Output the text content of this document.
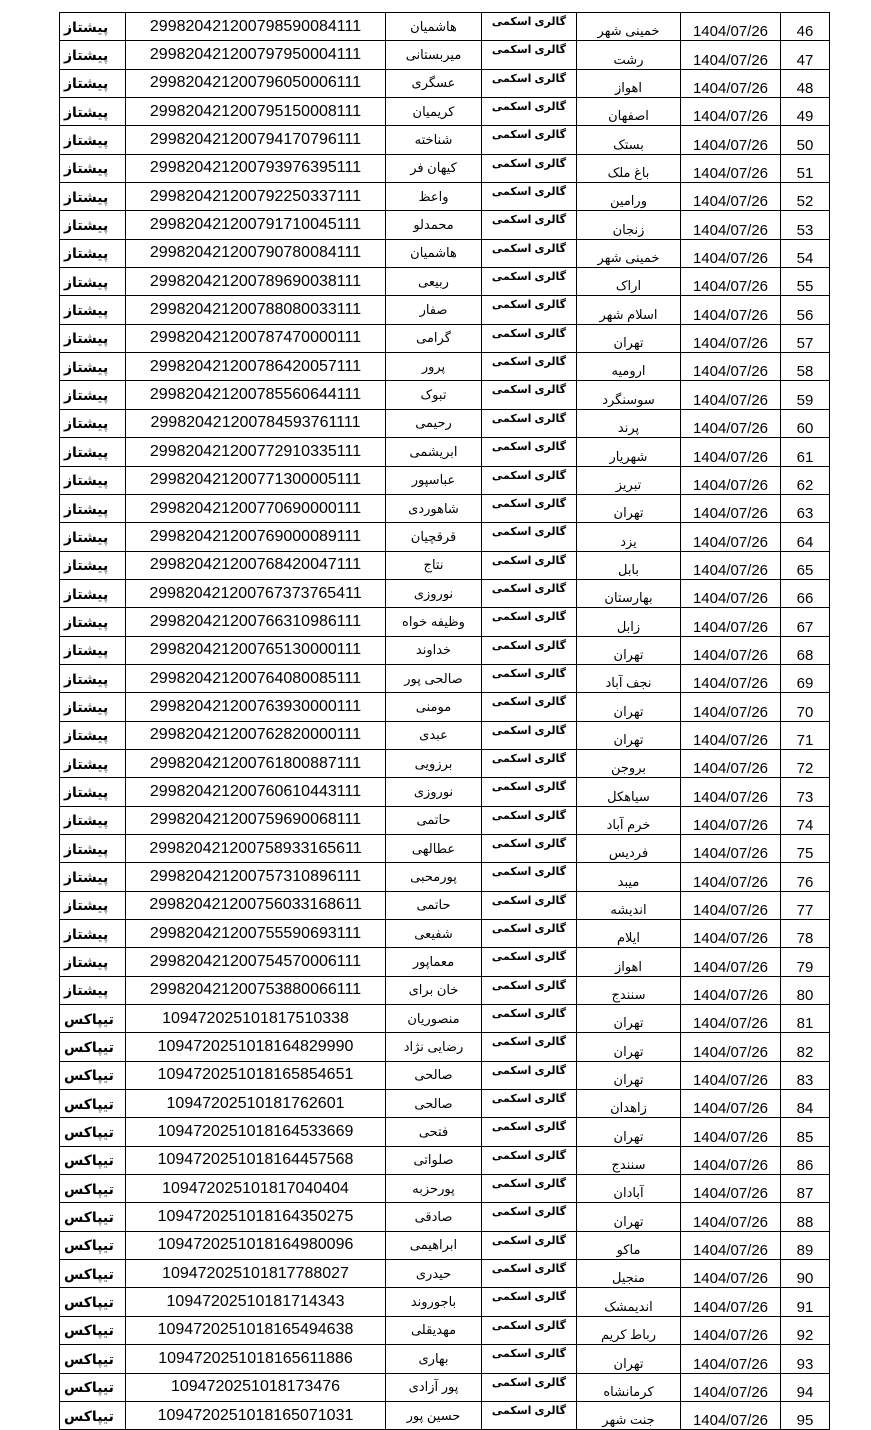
پیشتاز	299820421200798590084111	هاشمیان	گالری اسکمی	خمینی شهر	1404/07/26	46
پیشتاز	299820421200797950004111	میربستانی	گالری اسکمی	رشت	1404/07/26	47
پیشتاز	299820421200796050006111	عسگری	گالری اسکمی	اهواز	1404/07/26	48
پیشتاز	299820421200795150008111	کریمیان	گالری اسکمی	اصفهان	1404/07/26	49
پیشتاز	299820421200794170796111	شناخته	گالری اسکمی	بستک	1404/07/26	50
پیشتاز	299820421200793976395111	کیهان فر	گالری اسکمی	باغ ملک	1404/07/26	51
پیشتاز	299820421200792250337111	واعظ	گالری اسکمی	ورامین	1404/07/26	52
پیشتاز	299820421200791710045111	محمدلو	گالری اسکمی	زنجان	1404/07/26	53
پیشتاز	299820421200790780084111	هاشمیان	گالری اسکمی	خمینی شهر	1404/07/26	54
پیشتاز	299820421200789690038111	ربیعی	گالری اسکمی	اراک	1404/07/26	55
پیشتاز	299820421200788080033111	صفار	گالری اسکمی	اسلام شهر	1404/07/26	56
پیشتاز	299820421200787470000111	گرامی	گالری اسکمی	تهران	1404/07/26	57
پیشتاز	299820421200786420057111	پرور	گالری اسکمی	ارومیه	1404/07/26	58
پیشتاز	299820421200785560644111	تبوک	گالری اسکمی	سوسنگرد	1404/07/26	59
پیشتاز	299820421200784593761111	رحیمی	گالری اسکمی	پرند	1404/07/26	60
پیشتاز	299820421200772910335111	ابریشمی	گالری اسکمی	شهریار	1404/07/26	61
پیشتاز	299820421200771300005111	عباسپور	گالری اسکمی	تبریز	1404/07/26	62
پیشتاز	299820421200770690000111	شاهوردی	گالری اسکمی	تهران	1404/07/26	63
پیشتاز	299820421200769000089111	قرقچیان	گالری اسکمی	یزد	1404/07/26	64
پیشتاز	299820421200768420047111	نتاج	گالری اسکمی	بابل	1404/07/26	65
پیشتاز	299820421200767373765411	نوروزی	گالری اسکمی	بهارستان	1404/07/26	66
پیشتاز	299820421200766310986111	وظیفه خواه	گالری اسکمی	زابل	1404/07/26	67
پیشتاز	299820421200765130000111	خداوند	گالری اسکمی	تهران	1404/07/26	68
پیشتاز	299820421200764080085111	صالحی پور	گالری اسکمی	نجف آباد	1404/07/26	69
پیشتاز	299820421200763930000111	مومنی	گالری اسکمی	تهران	1404/07/26	70
پیشتاز	299820421200762820000111	عبدی	گالری اسکمی	تهران	1404/07/26	71
پیشتاز	299820421200761800887111	برزویی	گالری اسکمی	بروجن	1404/07/26	72
پیشتاز	299820421200760610443111	نوروزی	گالری اسکمی	سیاهکل	1404/07/26	73
پیشتاز	299820421200759690068111	حاتمی	گالری اسکمی	خرم آباد	1404/07/26	74
پیشتاز	299820421200758933165611	عطالهی	گالری اسکمی	فردیس	1404/07/26	75
پیشتاز	299820421200757310896111	پورمحبی	گالری اسکمی	میبد	1404/07/26	76
پیشتاز	299820421200756033168611	حاتمی	گالری اسکمی	اندیشه	1404/07/26	77
پیشتاز	299820421200755590693111	شفیعی	گالری اسکمی	ایلام	1404/07/26	78
پیشتاز	299820421200754570006111	معماپور	گالری اسکمی	اهواز	1404/07/26	79
پیشتاز	299820421200753880066111	خان برای	گالری اسکمی	سنندج	1404/07/26	80
تیپاکس	109472025101817510338	منصوریان	گالری اسکمی	تهران	1404/07/26	81
تیپاکس	1094720251018164829990	رضایی نژاد	گالری اسکمی	تهران	1404/07/26	82
تیپاکس	1094720251018165854651	صالحی	گالری اسکمی	تهران	1404/07/26	83
تیپاکس	10947202510181762601	صالحی	گالری اسکمی	زاهدان	1404/07/26	84
تیپاکس	1094720251018164533669	فتحی	گالری اسکمی	تهران	1404/07/26	85
تیپاکس	1094720251018164457568	صلواتی	گالری اسکمی	سنندج	1404/07/26	86
تیپاکس	109472025101817040404	پورحزبه	گالری اسکمی	آبادان	1404/07/26	87
تیپاکس	1094720251018164350275	صادقی	گالری اسکمی	تهران	1404/07/26	88
تیپاکس	1094720251018164980096	ابراهیمی	گالری اسکمی	ماکو	1404/07/26	89
تیپاکس	109472025101817788027	حیدری	گالری اسکمی	منجیل	1404/07/26	90
تیپاکس	10947202510181714343	باجوروند	گالری اسکمی	اندیمشک	1404/07/26	91
تیپاکس	1094720251018165494638	مهدیقلی	گالری اسکمی	رباط کریم	1404/07/26	92
تیپاکس	1094720251018165611886	بهاری	گالری اسکمی	تهران	1404/07/26	93
تیپاکس	1094720251018173476	پور آزادی	گالری اسکمی	کرمانشاه	1404/07/26	94
تیپاکس	1094720251018165071031	حسین پور	گالری اسکمی	جنت شهر	1404/07/26	95
